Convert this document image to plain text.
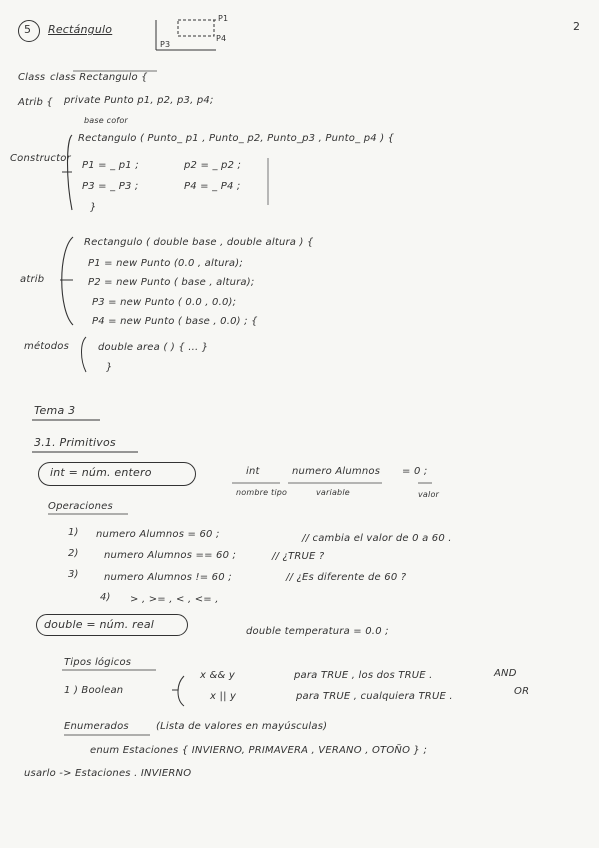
2
5 Rectángulo
P1
P3
P4
Class class Rectangulo {
Atrib { private Punto p1, p2, p3, p4;
base cofor
Constructor
Rectangulo ( Punto_ p1 , Punto_ p2, Punto_p3 , Punto_ p4 ) {
P1 = _ p1 ;	p2 = _ p2 ;
P3 = _ P3 ;	P4 = _ P4 ;
}
atrib
Rectangulo ( double base , double altura ) {
P1 = new Punto (0.0 , altura);
P2 = new Punto ( base , altura);
P3 = new Punto ( 0.0 , 0.0);
P4 = new Punto ( base , 0.0) ; {
métodos	double area ( ) { ... }
}
Tema 3
3.1. Primitivos
int = núm. entero	int	numero Alumnos = 0 ;
nombre tipo	variable	valor
Operaciones
1) numero Alumnos = 60 ;	// cambia el valor de 0 a 60 .
2)	numero Alumnos == 60 ;	// ¿TRUE ?
3)	numero Alumnos != 60 ;	// ¿Es diferente de 60 ?
4) > , >= , < , <= ,
double = núm. real
double temperatura = 0.0 ;
Tipos lógicos
1 ) Boolean
x && y	para TRUE , los dos TRUE .	AND
x || y	para TRUE , cualquiera TRUE .	OR
Enumerados	(Lista de valores en mayúsculas)
enum Estaciones { INVIERNO, PRIMAVERA , VERANO , OTOÑO } ;
usarlo -> Estaciones . INVIERNO
